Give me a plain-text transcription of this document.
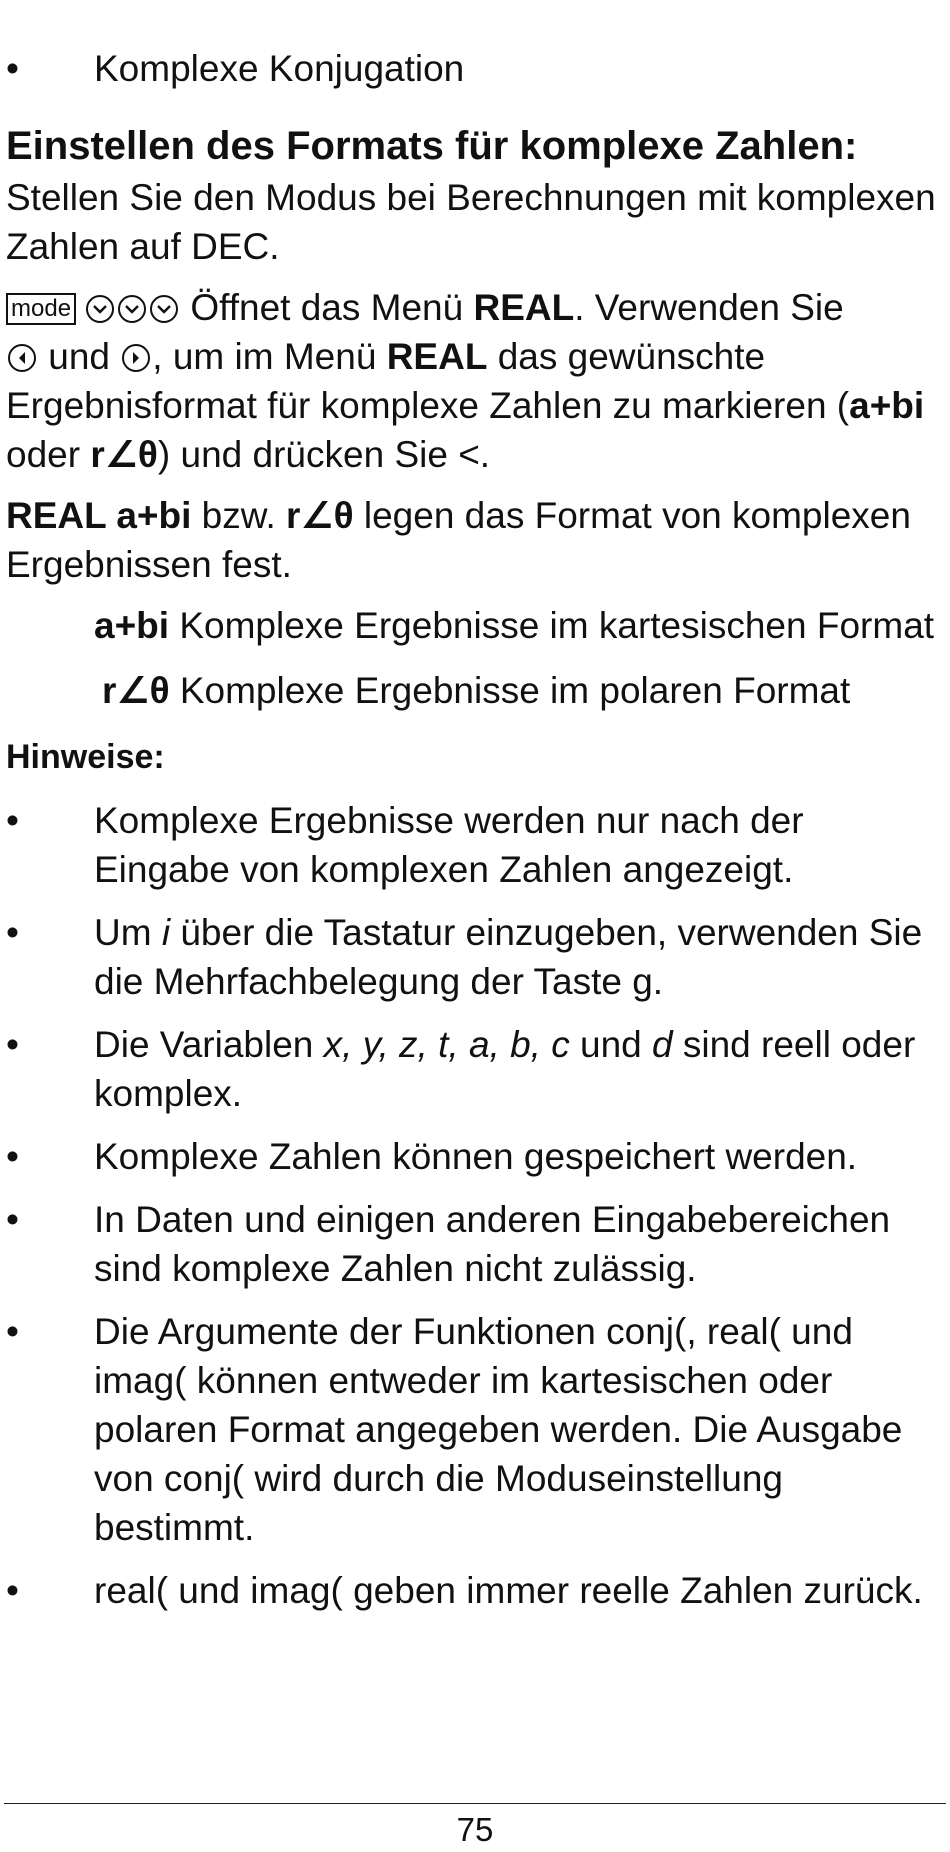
• Komplexe Konjugation
Einstellen des Formats für komplexe Zahlen:

Stellen Sie den Modus bei Berechnungen mit komplexen Zahlen auf DEC.

mode	Öffnet das Menü REAL. Verwenden Sie

und
, um im Menü REAL das gewünschte Ergebnisformat für komplexe Zahlen zu markieren (a+bi oder r∠θ) und drücken Sie <.

REAL a+bi bzw. r∠θ legen das Format von komplexen Ergebnissen fest.

a+bi Komplexe Ergebnisse im kartesischen Format

r∠θ Komplexe Ergebnisse im polaren Format

Hinweise:
• Komplexe Ergebnisse werden nur nach der Eingabe von komplexen Zahlen angezeigt.
• Um i über die Tastatur einzugeben, verwenden Sie die Mehrfachbelegung der Taste g.
• Die Variablen x, y, z, t, a, b, c und d sind reell oder komplex.
• Komplexe Zahlen können gespeichert werden.
• In Daten und einigen anderen Eingabebereichen sind komplexe Zahlen nicht zulässig.
• Die Argumente der Funktionen conj(, real( und imag( können entweder im kartesischen oder polaren Format angegeben werden. Die Ausgabe von conj( wird durch die Moduseinstellung bestimmt.
• real( und imag( geben immer reelle Zahlen zurück.
75
